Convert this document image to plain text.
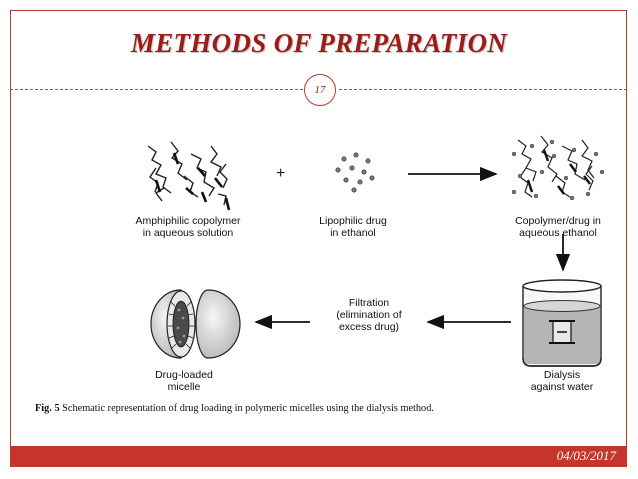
METHODS OF PREPARATION
17
+
Amphiphilic copolymer
in aqueous solution
Lipophilic drug
in ethanol
Copolymer/drug in
aqueous ethanol
Filtration
(elimination of
excess drug)
Drug-loaded
micelle
Dialysis
against water
Fig. 5 Schematic representation of drug loading in polymeric micelles using the dialysis method.
04/03/2017
